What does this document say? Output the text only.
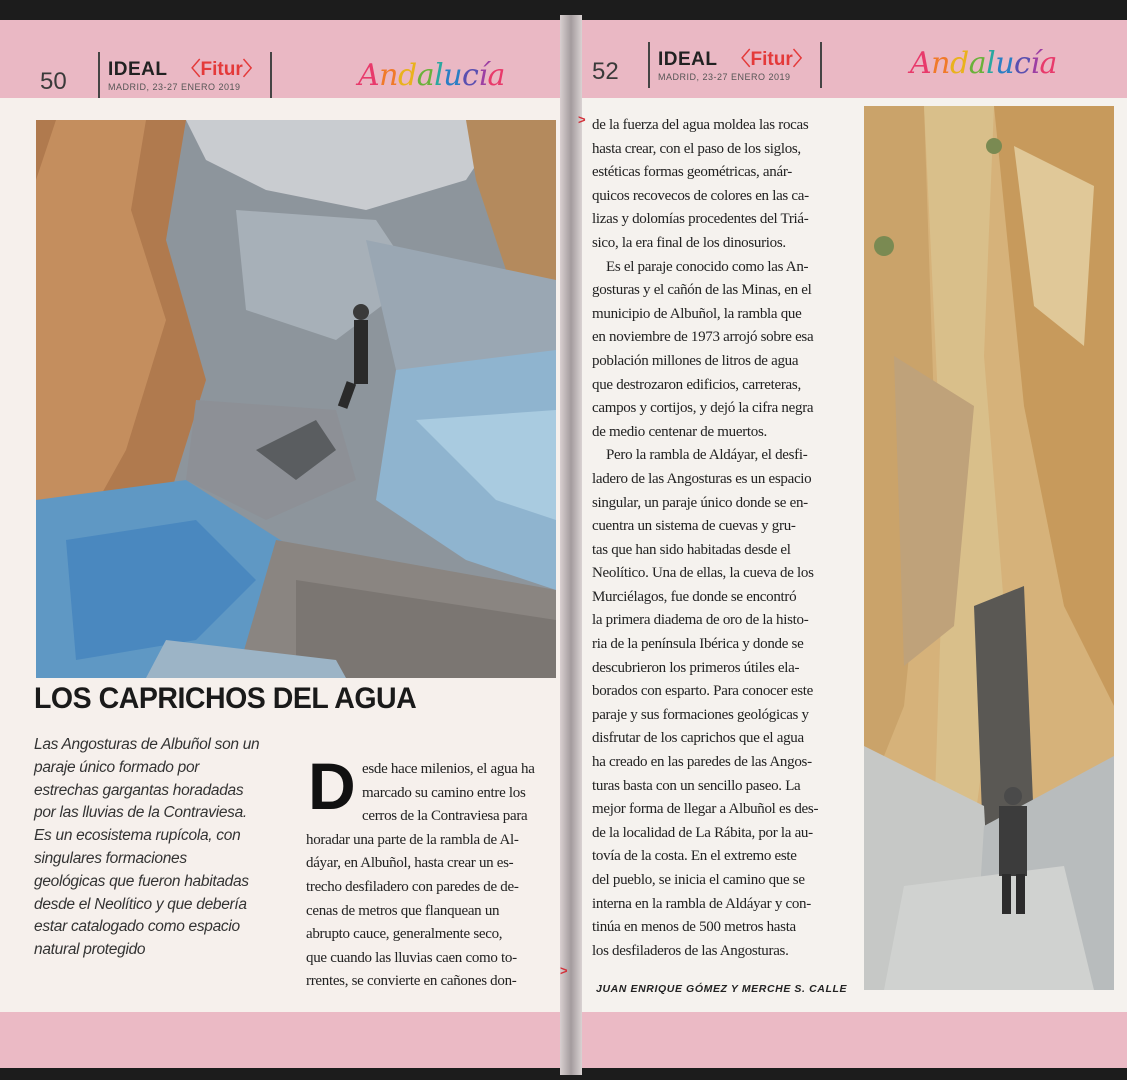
50	IDEAL 〈Fitur〉
MADRID, 23-27 ENERO 2019	Andalucía	52	IDEAL 〈Fitur〉
MADRID, 23-27 ENERO 2019	Andalucía
LOS CAPRICHOS DEL AGUA
Las Angosturas de Albuñol son un
paraje único formado por
estrechas gargantas horadadas
por las lluvias de la Contraviesa.
Es un ecosistema rupícola, con
singulares formaciones
geológicas que fueron habitadas
desde el Neolítico y que debería
estar catalogado como espacio
natural protegido
D esde hace milenios, el agua ha
marcado su camino entre los
cerros de la Contraviesa para
horadar una parte de la rambla de Al-
dáyar, en Albuñol, hasta crear un es-
trecho desfiladero con paredes de de-
cenas de metros que flanquean un
abrupto cauce, generalmente seco,
que cuando las lluvias caen como to-
rrentes, se convierte en cañones don-
>
> de la fuerza del agua moldea las rocas
hasta crear, con el paso de los siglos,
estéticas formas geométricas, anár-
quicos recovecos de colores en las ca-
lizas y dolomías procedentes del Triá-
sico, la era final de los dinosurios.
Es el paraje conocido como las An-
gosturas y el cañón de las Minas, en el
municipio de Albuñol, la rambla que
en noviembre de 1973 arrojó sobre esa
población millones de litros de agua
que destrozaron edificios, carreteras,
campos y cortijos, y dejó la cifra negra
de medio centenar de muertos.
Pero la rambla de Aldáyar, el desfi-
ladero de las Angosturas es un espacio
singular, un paraje único donde se en-
cuentra un sistema de cuevas y gru-
tas que han sido habitadas desde el
Neolítico. Una de ellas, la cueva de los
Murciélagos, fue donde se encontró
la primera diadema de oro de la histo-
ria de la península Ibérica y donde se
descubrieron los primeros útiles ela-
borados con esparto. Para conocer este
paraje y sus formaciones geológicas y
disfrutar de los caprichos que el agua
ha creado en las paredes de las Angos-
turas basta con un sencillo paseo. La
mejor forma de llegar a Albuñol es des-
de la localidad de La Rábita, por la au-
tovía de la costa. En el extremo este
del pueblo, se inicia el camino que se
interna en la rambla de Aldáyar y con-
tinúa en menos de 500 metros hasta
los desfiladeros de las Angosturas.
JUAN ENRIQUE GÓMEZ Y MERCHE S. CALLE
